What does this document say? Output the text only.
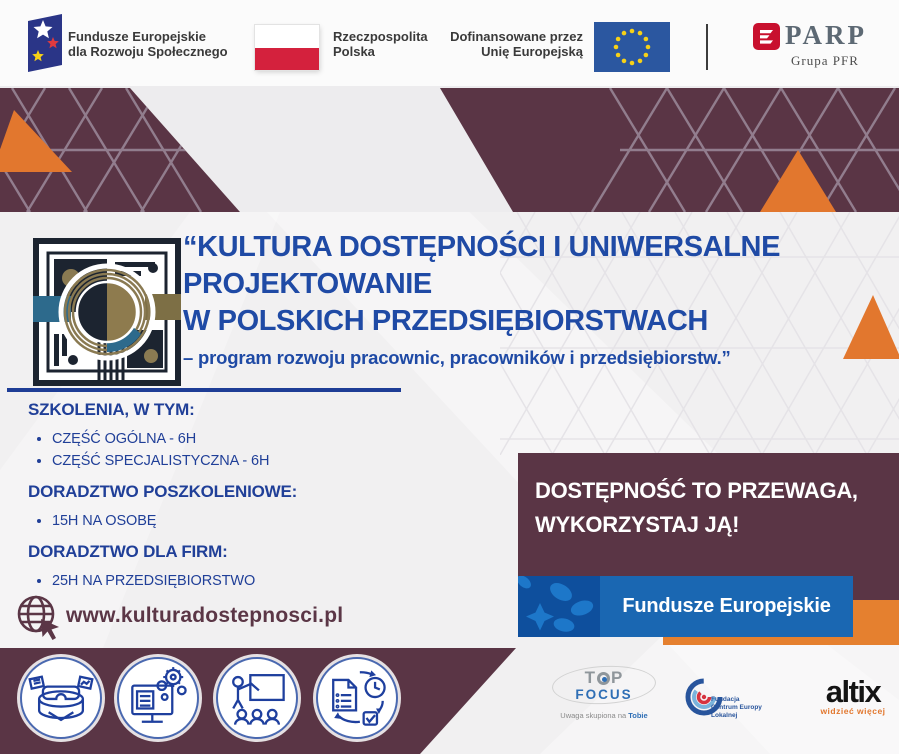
Fundusze Europejskie
dla Rozwoju Społecznego
Rzeczpospolita
Polska
Dofinansowane przez
Unię Europejską
PARP
Grupa PFR
“KULTURA DOSTĘPNOŚCI I UNIWERSALNE
PROJEKTOWANIE
W POLSKICH PRZEDSIĘBIORSTWACH
– program rozwoju pracownic, pracowników i przedsiębiorstw.”
SZKOLENIA, W TYM:
• CZĘŚĆ OGÓLNA - 6H
• CZĘŚĆ SPECJALISTYCZNA - 6H
DORADZTWO POSZKOLENIOWE:
• 15H NA OSOBĘ
DORADZTWO DLA FIRM:
• 25H NA PRZEDSIĘBIORSTWO
www.kulturadostepnosci.pl
DOSTĘPNOŚĆ TO PRZEWAGA,
WYKORZYSTAJ JĄ!
Fundusze Europejskie
T P
FOCUS
Uwaga skupiona na Tobie
Fundacja
Centrum Europy
Lokalnej
altix
widzieć więcej
